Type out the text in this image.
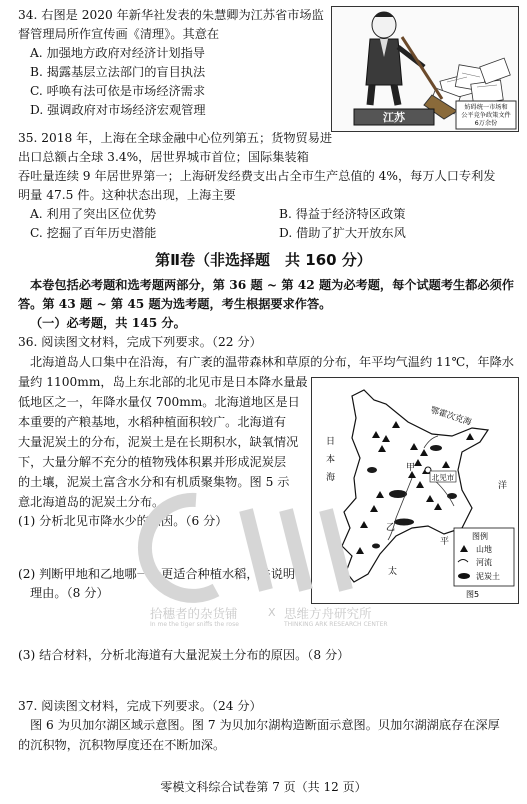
34. 右图是 2020 年新华社发表的朱慧卿为江苏省市场监
督管理局所作宣传画《清理》。其意在
A. 加强地方政府对经济计划指导
B. 揭露基层立法部门的盲目执法
C. 呼唤有法可依是市场经济需求
D. 强调政府对市场经济宏观管理
江苏
妨碍统一市场和
公平竞争政策文件
6万余份
35. 2018 年，上海在全球金融中心位列第五；货物贸易进
出口总额占全球 3.4%，居世界城市首位；国际集装箱
吞吐量连续 9 年居世界第一；上海研发经费支出占全市生产总值的 4%，每万人口专利发
明量 47.5 件。这种状态出现，上海主要
A. 利用了突出区位优势	B. 得益于经济特区政策
C. 挖掘了百年历史潜能	D. 借助了扩大开放东风
第Ⅱ卷（非选择题　共 160 分）
本卷包括必考题和选考题两部分，第 36 题 ~ 第 42 题为必考题，每个试题考生都必须作
答。第 43 题 ~ 第 45 题为选考题，考生根据要求作答。
（一）必考题，共 145 分。
36. 阅读图文材料，完成下列要求。（22 分）
北海道岛人口集中在沿海，有广袤的温带森林和草原的分布，年平均气温约 11℃，年降水
量约 1100mm，岛上东北部的北见市是日本降水量最
低地区之一，年降水量仅 700mm。北海道地区是日
本重要的产粮基地，水稻种植面积较广。北海道有
大量泥炭土的分布，泥炭土是在长期积水，缺氧情况
下，大量分解不充分的植物残体积累并形成泥炭层
的土壤，泥炭土富含水分和有机质聚集物。图 5 示
意北海道岛的泥炭土分布。
(1) 分析北见市降水少的原因。（6 分）
(2) 判断甲地和乙地哪一个更适合种植水稻，并说明
理由。（8 分）
(3) 结合材料，分析北海道有大量泥炭土分布的原因。（8 分）
北见市
甲
乙
鄂霍次克海
日
本
海
洋
平
太
图例
山地
河流
泥炭土
图5
拾穗者的杂货铺	X 思维方舟研究所
In me the tiger sniffs the rose	THINKING ARK RESEARCH CENTER
37. 阅读图文材料，完成下列要求。（24 分）
图 6 为贝加尔湖区域示意图。图 7 为贝加尔湖构造断面示意图。贝加尔湖湖底存在深厚
的沉积物，沉积物厚度还在不断加深。
零模文科综合试卷第 7 页（共 12 页）
